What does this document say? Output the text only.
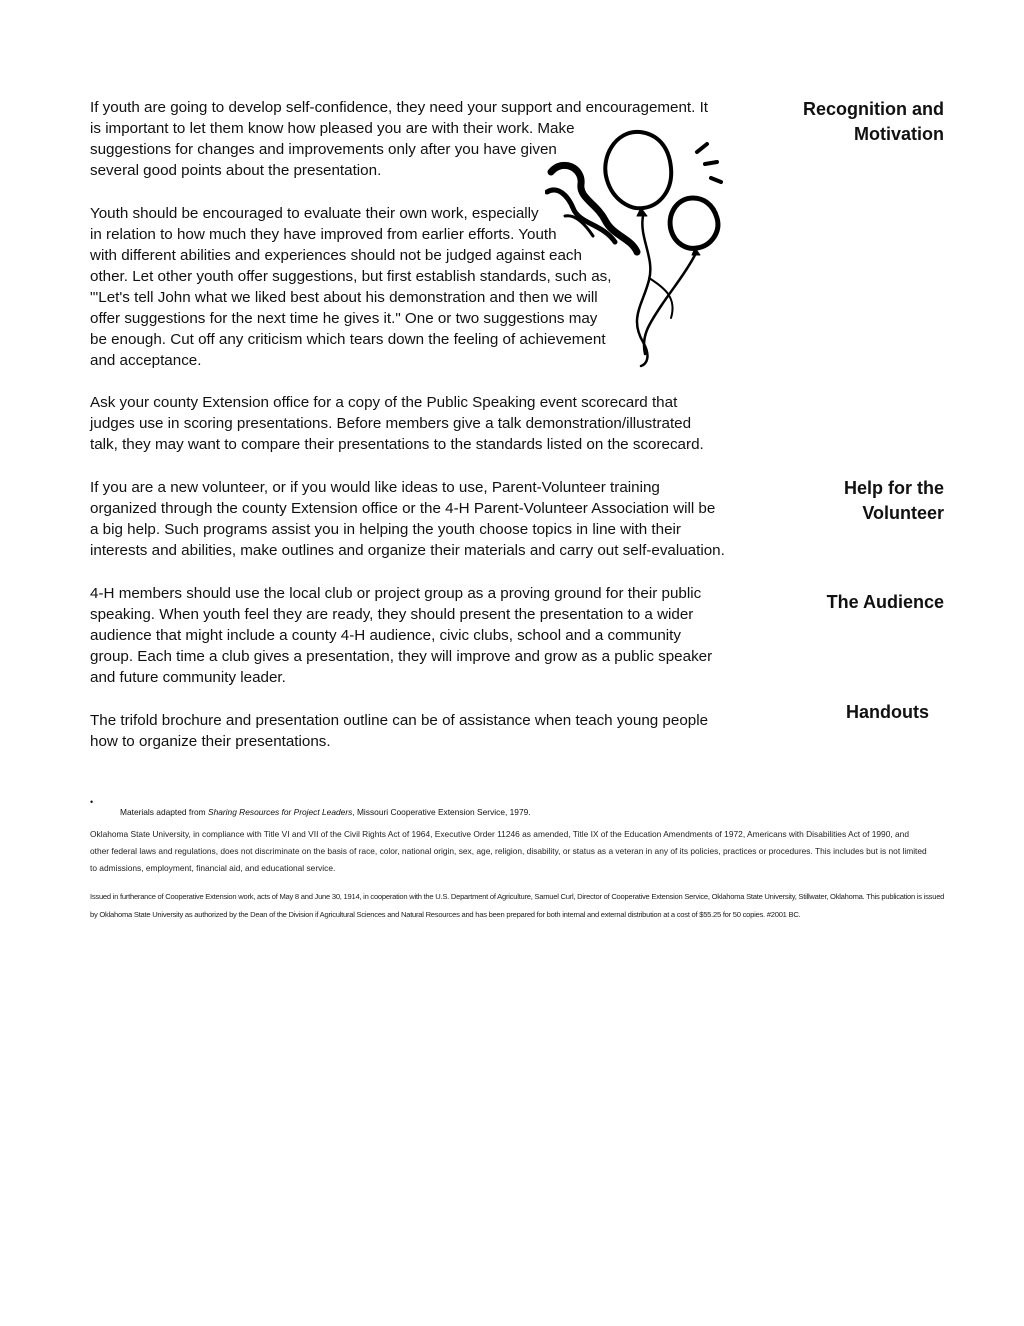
If youth are going to develop self-confidence, they need your support and encouragement. It
is important to let them know how pleased you are with their work. Make
suggestions for changes and improvements only after you have given
several good points about the presentation.

Youth should be encouraged to evaluate their own work, especially
in relation to how much they have improved from earlier efforts. Youth
with different abilities and experiences should not be judged against each
other. Let other youth offer suggestions, but first establish standards, such as,
"'Let's tell John what we liked best about his demonstration and then we will
offer suggestions for the next time he gives it." One or two suggestions may
be enough. Cut off any criticism which tears down the feeling of achievement
and acceptance.

Ask your county Extension office for a copy of the Public Speaking event scorecard that
judges use in scoring presentations. Before members give a talk demonstration/illustrated
talk, they may want to compare their presentations to the standards listed on the scorecard.

If you are a new volunteer, or if you would like ideas to use, Parent-Volunteer training
organized through the county Extension office or the 4-H Parent-Volunteer Association will be
a big help. Such programs assist you in helping the youth choose topics in line with their
interests and abilities, make outlines and organize their materials and carry out self-evaluation.

4-H members should use the local club or project group as a proving ground for their public
speaking. When youth feel they are ready, they should present the presentation to a wider
audience that might include a county 4-H audience, civic clubs, school and a community
group. Each time a club gives a presentation, they will improve and grow as a public speaker
and future community leader.

The trifold brochure and presentation outline can be of assistance when teach young people
how to organize their presentations.

Recognition and
Motivation
Help for the
Volunteer
The Audience
Handouts
•

Materials adapted from Sharing Resources for Project Leaders, Missouri Cooperative Extension Service, 1979.

Oklahoma State University, in compliance with Title VI and VII of the Civil Rights Act of 1964, Executive Order 11246 as amended, Title IX of the Education Amendments of 1972, Americans with Disabilities Act of 1990, and
other federal laws and regulations, does not discriminate on the basis of race, color, national origin, sex, age, religion, disability, or status as a veteran in any of its policies, practices or procedures. This includes but is not limited
to admissions, employment, financial aid, and educational service.

Issued in furtherance of Cooperative Extension work, acts of May 8 and June 30, 1914, in cooperation with the U.S. Department of Agriculture, Samuel Curl, Director of Cooperative Extension Service, Oklahoma State University, Stillwater, Oklahoma. This publication is issued
by Oklahoma State University as authorized by the Dean of the Division if Agricultural Sciences and Natural Resources and has been prepared for both internal and external distribution at a cost of $55.25 for 50 copies. #2001 BC.
